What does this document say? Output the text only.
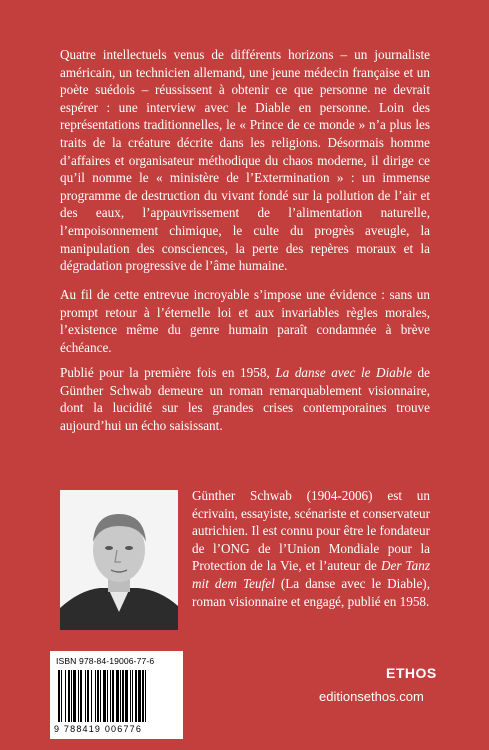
Quatre intellectuels venus de différents horizons – un journaliste américain, un technicien allemand, une jeune médecin française et un poète suédois – réussissent à obtenir ce que personne ne devrait espérer : une interview avec le Diable en personne. Loin des représentations traditionnelles, le « Prince de ce monde » n’a plus les traits de la créature décrite dans les religions. Désormais homme d’affaires et organisateur méthodique du chaos moderne, il dirige ce qu’il nomme le « ministère de l’Extermination » : un immense programme de destruction du vivant fondé sur la pollution de l’air et des eaux, l’appauvrissement de l’alimentation naturelle, l’empoisonnement chimique, le culte du progrès aveugle, la manipulation des consciences, la perte des repères moraux et la dégradation progressive de l’âme humaine.

Au fil de cette entrevue incroyable s’impose une évidence : sans un prompt retour à l’éternelle loi et aux invariables règles morales, l’existence même du genre humain paraît condamnée à brève échéance.

Publié pour la première fois en 1958, La danse avec le Diable de Günther Schwab demeure un roman remarquablement visionnaire, dont la lucidité sur les grandes crises contemporaines trouve aujourd’hui un écho saisissant.

Günther Schwab (1904-2006) est un écrivain, essayiste, scénariste et conservateur autrichien. Il est connu pour être le fondateur de l’ONG de l’Union Mondiale pour la Protection de la Vie, et l’auteur de Der Tanz mit dem Teufel (La danse avec le Diable), roman visionnaire et engagé, publié en 1958.

ISBN 978-84-19006-77-6
9 788419 006776
ETHOS
editionsethos.com
